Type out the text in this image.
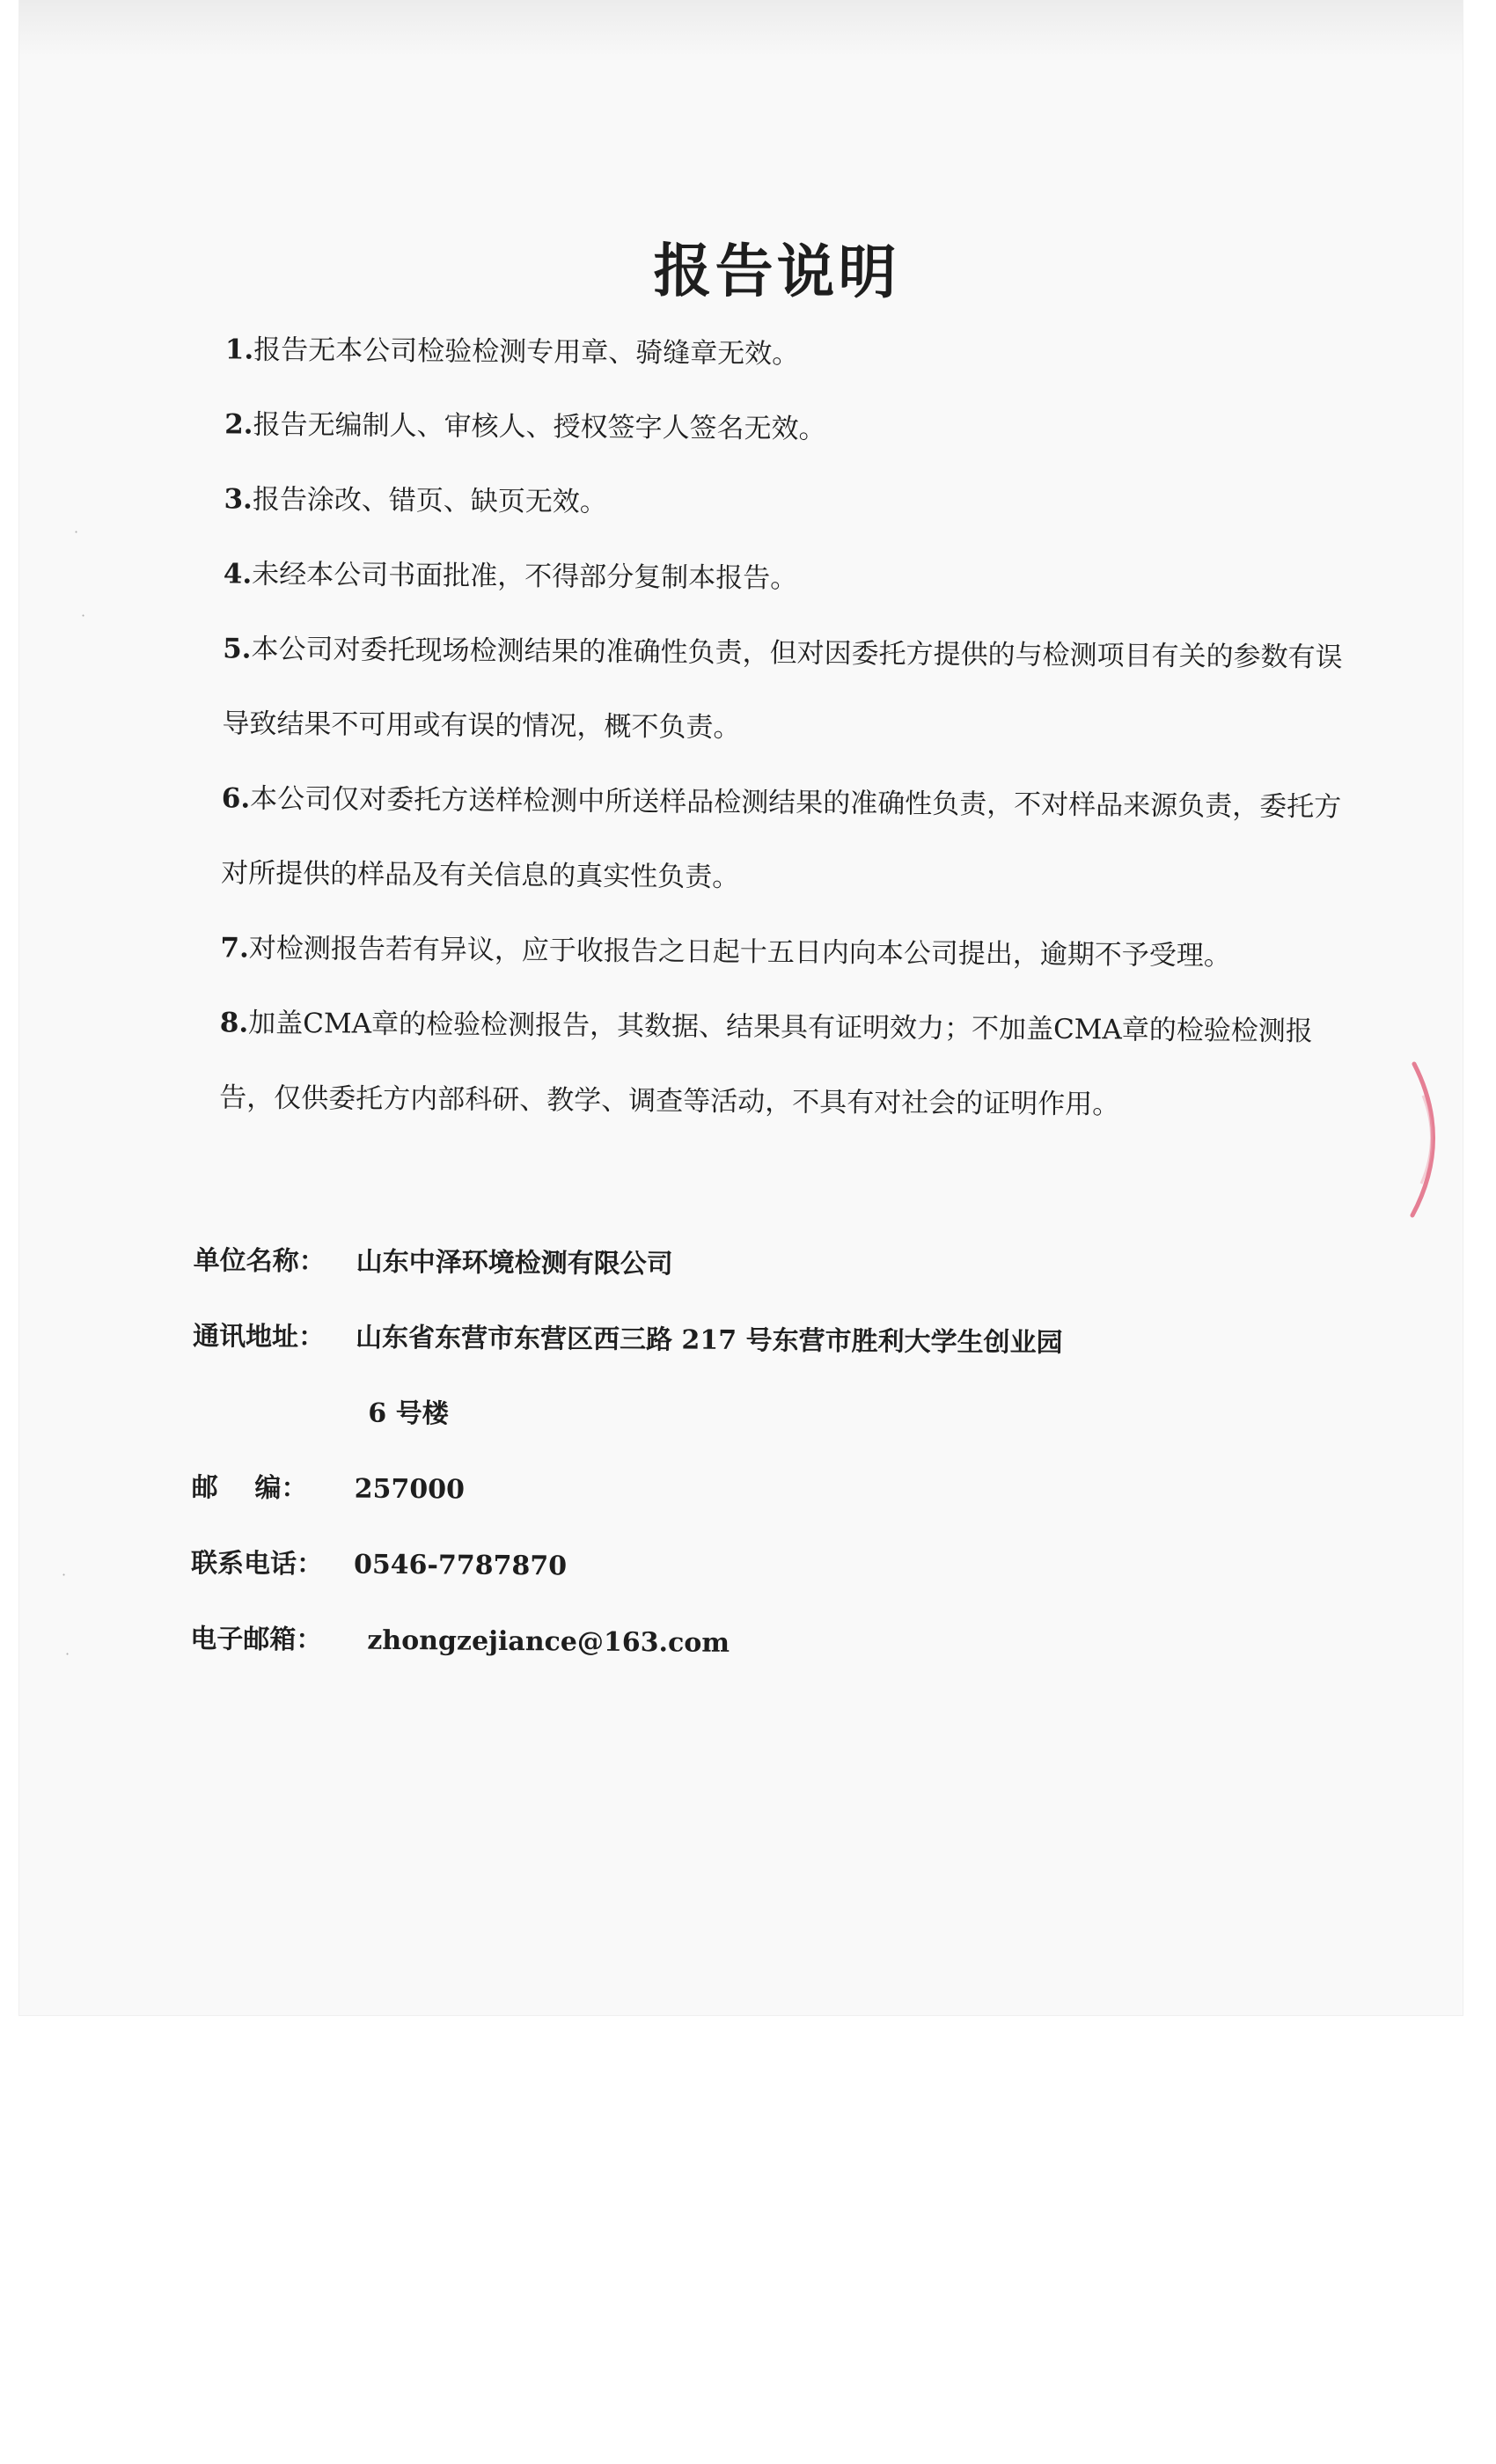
报告说明

1.报告无本公司检验检测专用章、骑缝章无效。

2.报告无编制人、审核人、授权签字人签名无效。

3.报告涂改、错页、缺页无效。

4.未经本公司书面批准，不得部分复制本报告。

5.本公司对委托现场检测结果的准确性负责，但对因委托方提供的与检测项目有关的参数有误导致结果不可用或有误的情况，概不负责。

6.本公司仅对委托方送样检测中所送样品检测结果的准确性负责，不对样品来源负责，委托方对所提供的样品及有关信息的真实性负责。

7.对检测报告若有异议，应于收报告之日起十五日内向本公司提出，逾期不予受理。

8.加盖CMA章的检验检测报告，其数据、结果具有证明效力；不加盖CMA章的检验检测报告，仅供委托方内部科研、教学、调查等活动，不具有对社会的证明作用。

单位名称：	山东中泽环境检测有限公司
通讯地址：	山东省东营市东营区西三路 217 号东营市胜利大学生创业园
6 号楼
邮    编：	257000
联系电话：	0546-7787870
电子邮箱：	zhongzejiance@163.com
·
·
·
·
